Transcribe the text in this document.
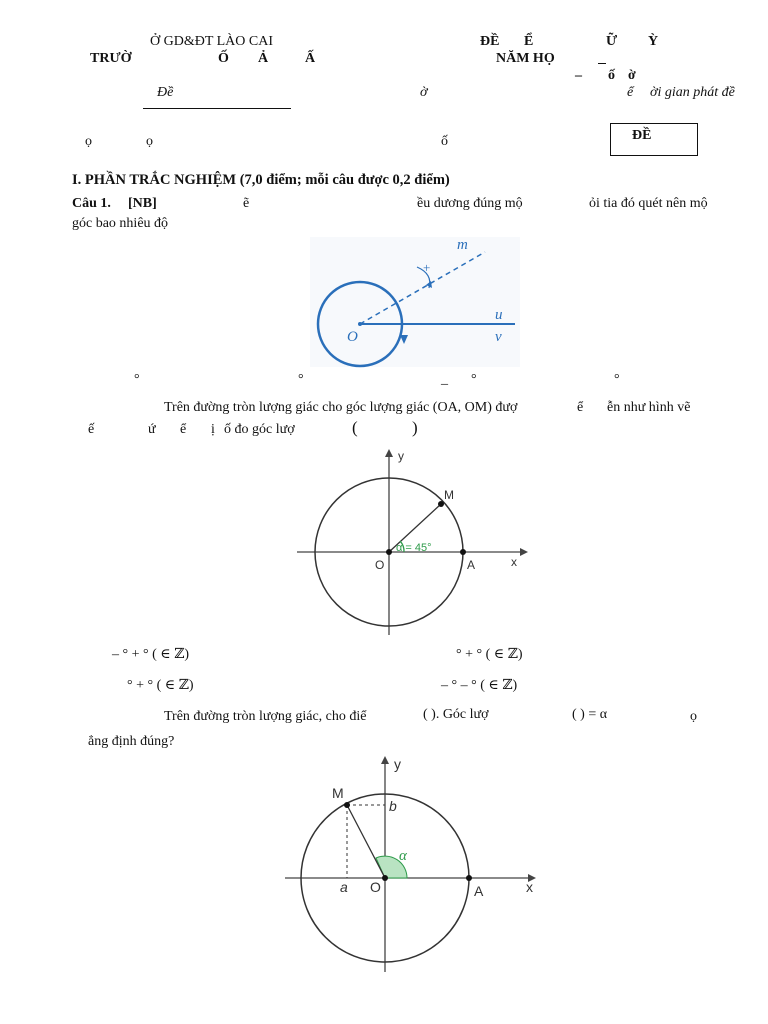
Ở GD&ĐT LÀO CAI
TRƯỜ	Ố Ả	Ấ
ĐỀ Ể	Ữ Ỳ
NĂM HỌ
– ố ờ
Đề	ờ	ể ời gian phát đề
ọ	ọ	ố	ĐỀ
I. PHẦN TRẮC NGHIỆM (7,0 điểm; mỗi câu được 0,2 điểm)
Câu 1. [NB]	ẽ	ều dương đúng mộ	ỏi tia đó quét nên mộ
góc bao nhiêu độ
m
+
u
v
O
°	°	_ °	°
Trên đường tròn lượng giác cho góc lượng giác (OA, OM) đượ	ể ễn như hình vẽ
ế	ứ ể ị ố đo góc lượ	(	)
y
x
M
O	A
α = 45°
– ° + ° ( ∈ ℤ)	° + ° ( ∈ ℤ)
° + ° ( ∈ ℤ)	– ° – ° ( ∈ ℤ)
Trên đường tròn lượng giác, cho điể	( ). Góc lượ	( ) = α	ọ
ẳng định đúng?
y
x
M
b
α
a O	A
